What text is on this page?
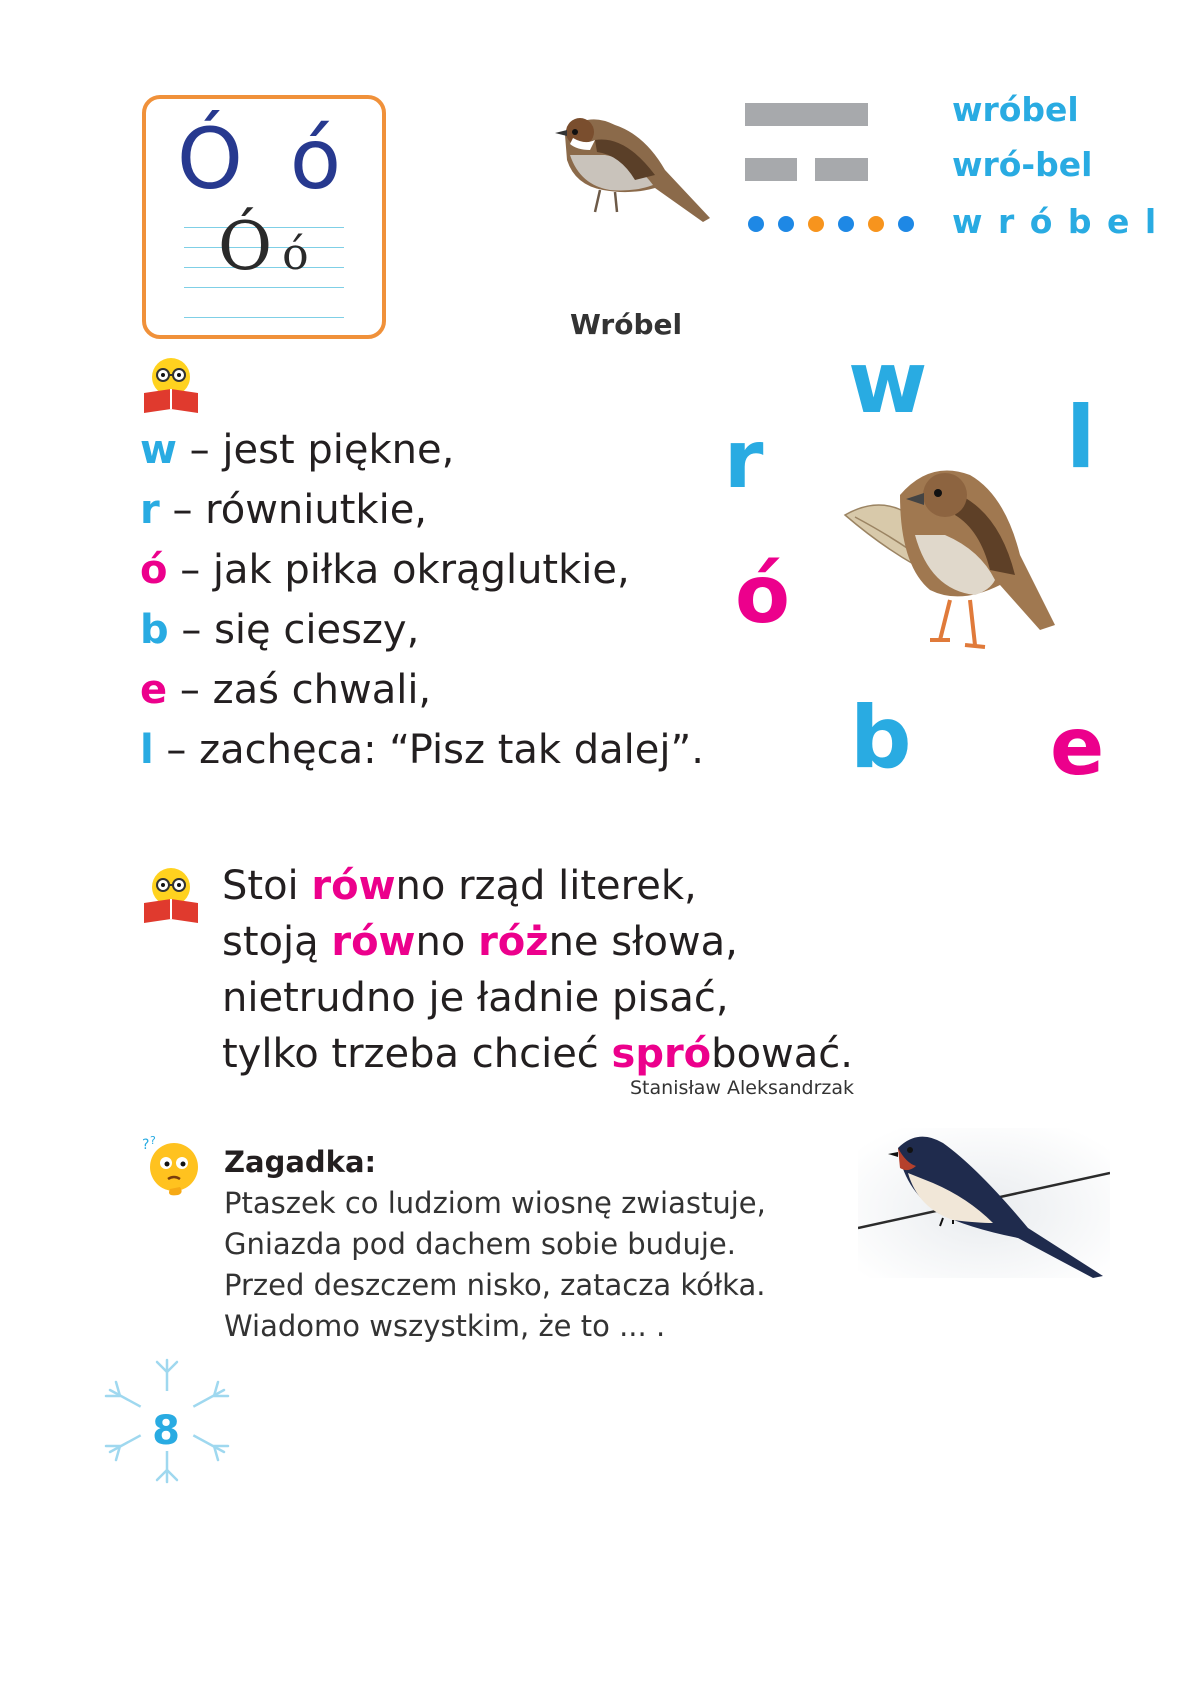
Ó ó
Óó
wróbel
wró-bel
w r ó b e l
Wróbel
w – jest piękne,
r – równiutkie,
ó – jak piłka okrąglutkie,
b – się cieszy,
e – zaś chwali,
l – zachęca: “Pisz tak dalej”.
w
r	l
ó
b e
Stoi równo rząd literek,
stoją równo różne słowa,
nietrudno je ładnie pisać,
tylko trzeba chcieć spróbować.
Stanisław Aleksandrzak
? ?
Zagadka:
Ptaszek co ludziom wiosnę zwiastuje,
Gniazda pod dachem sobie buduje.
Przed deszczem nisko, zatacza kółka.
Wiadomo wszystkim, że to ... .
8
